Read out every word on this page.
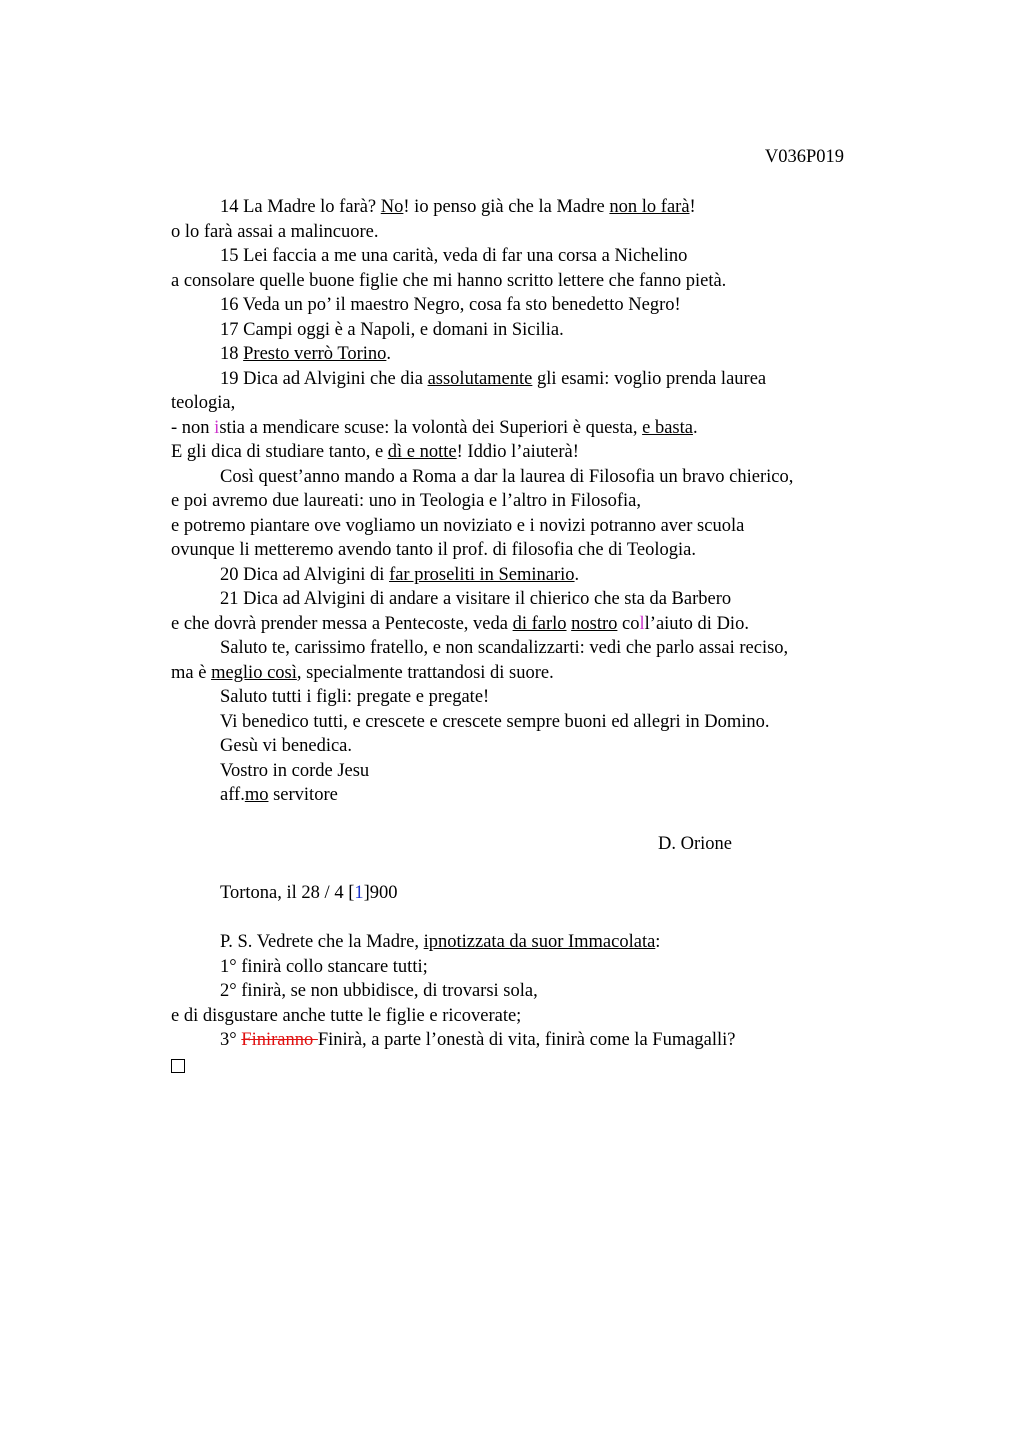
V036P019
14 La Madre lo farà? No! io penso già che la Madre non lo farà!
o lo farà assai a malincuore.
15 Lei faccia a me una carità, veda di far una corsa a Nichelino
a consolare quelle buone figlie che mi hanno scritto lettere che fanno pietà.
16 Veda un po’ il maestro Negro, cosa fa sto benedetto Negro!
17 Campi oggi è a Napoli, e domani in Sicilia.
18 Presto verrò Torino.
19 Dica ad Alvigini che dia assolutamente gli esami: voglio prenda laurea
teologia,
- non istia a mendicare scuse: la volontà dei Superiori è questa, e basta.
E gli dica di studiare tanto, e dì e notte! Iddio l’aiuterà!
Così quest’anno mando a Roma a dar la laurea di Filosofia un bravo chierico,
e poi avremo due laureati: uno in Teologia e l’altro in Filosofia,
e potremo piantare ove vogliamo un noviziato e i novizi potranno aver scuola
ovunque li metteremo avendo tanto il prof. di filosofia che di Teologia.
20 Dica ad Alvigini di far proseliti in Seminario.
21 Dica ad Alvigini di andare a visitare il chierico che sta da Barbero
e che dovrà prender messa a Pentecoste, veda di farlo nostro coll’aiuto di Dio.
Saluto te, carissimo fratello, e non scandalizzarti: vedi che parlo assai reciso,
ma è meglio così, specialmente trattandosi di suore.
Saluto tutti i figli: pregate e pregate!
Vi benedico tutti, e crescete e crescete sempre buoni ed allegri in Domino.
Gesù vi benedica.
Vostro in corde Jesu
aff.mo servitore
D. Orione
Tortona, il 28 / 4 [1]900
P. S. Vedrete che la Madre, ipnotizzata da suor Immacolata:
1° finirà collo stancare tutti;
2° finirà, se non ubbidisce, di trovarsi sola,
e di disgustare anche tutte le figlie e ricoverate;
3° Finiranno Finirà, a parte l’onestà di vita, finirà come la Fumagalli?
